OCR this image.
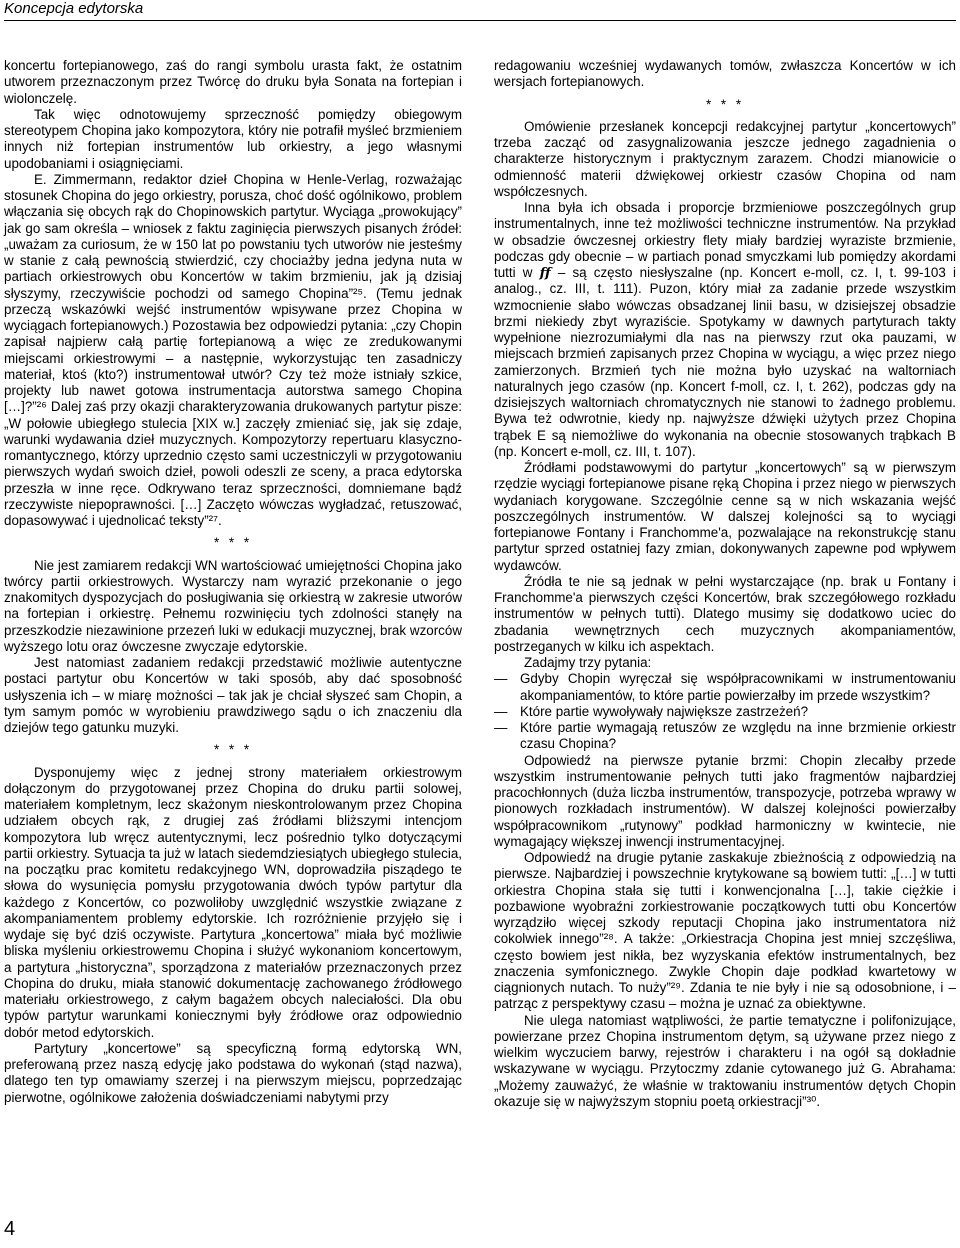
Koncepcja edytorska

koncertu fortepianowego, zaś do rangi symbolu urasta fakt, że ostatnim utworem przeznaczonym przez Twórcę do druku była Sonata na fortepian i wiolonczelę.

Tak więc odnotowujemy sprzeczność pomiędzy obiegowym stereotypem Chopina jako kompozytora, który nie potrafił myśleć brzmieniem innych niż fortepian instrumentów lub orkiestry, a jego własnymi upodobaniami i osiągnięciami.

E. Zimmermann, redaktor dzieł Chopina w Henle-Verlag, rozważając stosunek Chopina do jego orkiestry, porusza, choć dość ogólnikowo, problem włączania się obcych rąk do Chopinowskich partytur. Wyciąga „prowokujący” jak go sam określa – wniosek z faktu zaginięcia pierwszych pisanych źródeł: „uważam za curiosum, że w 150 lat po powstaniu tych utworów nie jesteśmy w stanie z całą pewnością stwierdzić, czy chociażby jedna jedyna nuta w partiach orkiestrowych obu Koncertów w takim brzmieniu, jak ją dzisiaj słyszymy, rzeczywiście pochodzi od samego Chopina”²⁵. (Temu jednak przeczą wskazówki wejść instrumentów wpisywane przez Chopina w wyciągach fortepianowych.) Pozostawia bez odpowiedzi pytania: „czy Chopin zapisał najpierw całą partię fortepianową a więc ze zredukowanymi miejscami orkiestrowymi – a następnie, wykorzystując ten zasadniczy materiał, ktoś (kto?) instrumentował utwór? Czy też może istniały szkice, projekty lub nawet gotowa instrumentacja autorstwa samego Chopina […]?”²⁶ Dalej zaś przy okazji charakteryzowania drukowanych partytur pisze: „W połowie ubiegłego stulecia [XIX w.] zaczęły zmieniać się, jak się zdaje, warunki wydawania dzieł muzycznych. Kompozytorzy repertuaru klasyczno-romantycznego, którzy uprzednio często sami uczestniczyli w przygotowaniu pierwszych wydań swoich dzieł, powoli odeszli ze sceny, a praca edytorska przeszła w inne ręce. Odkrywano teraz sprzeczności, domniemane bądź rzeczywiste niepoprawności. […] Zaczęto wówczas wygładzać, retuszować, dopasowywać i ujednolicać teksty”²⁷.

* * *

Nie jest zamiarem redakcji WN wartościować umiejętności Chopina jako twórcy partii orkiestrowych. Wystarczy nam wyrazić przekonanie o jego znakomitych dyspozycjach do posługiwania się orkiestrą w zakresie utworów na fortepian i orkiestrę. Pełnemu rozwinięciu tych zdolności stanęły na przeszkodzie niezawinione przezeń luki w edukacji muzycznej, brak wzorców wyższego lotu oraz ówczesne zwyczaje edytorskie.

Jest natomiast zadaniem redakcji przedstawić możliwie autentyczne postaci partytur obu Koncertów w taki sposób, aby dać sposobność usłyszenia ich – w miarę możności – tak jak je chciał słyszeć sam Chopin, a tym samym pomóc w wyrobieniu prawdziwego sądu o ich znaczeniu dla dziejów tego gatunku muzyki.

* * *

Dysponujemy więc z jednej strony materiałem orkiestrowym dołączonym do przygotowanej przez Chopina do druku partii solowej, materiałem kompletnym, lecz skażonym nieskontrolowanym przez Chopina udziałem obcych rąk, z drugiej zaś źródłami bliższymi intencjom kompozytora lub wręcz autentycznymi, lecz pośrednio tylko dotyczącymi partii orkiestry. Sytuacja ta już w latach siedemdziesiątych ubiegłego stulecia, na początku prac komitetu redakcyjnego WN, doprowadziła pisządego te słowa do wysunięcia pomysłu przygotowania dwóch typów partytur dla każdego z Koncertów, co pozwoliłoby uwzględnić wszystkie związane z akompaniamentem problemy edytorskie. Ich rozróżnienie przyjęło się i wydaje się być dziś oczywiste. Partytura „koncertowa” miała być możliwie bliska myśleniu orkiestrowemu Chopina i służyć wykonaniom koncertowym, a partytura „historyczna”, sporządzona z materiałów przeznaczonych przez Chopina do druku, miała stanowić dokumentację zachowanego źródłowego materiału orkiestrowego, z całym bagażem obcych naleciałości. Dla obu typów partytur warunkami koniecznymi były źródłowe oraz odpowiednio dobór metod edytorskich.

Partytury „koncertowe” są specyficzną formą edytorską WN, preferowaną przez naszą edycję jako podstawa do wykonań (stąd nazwa), dlatego ten typ omawiamy szerzej i na pierwszym miejscu, poprzedzając pierwotne, ogólnikowe założenia doświadczeniami nabytymi przy

redagowaniu wcześniej wydawanych tomów, zwłaszcza Koncertów w ich wersjach fortepianowych.

* * *

Omówienie przesłanek koncepcji redakcyjnej partytur „koncertowych” trzeba zacząć od zasygnalizowania jeszcze jednego zagadnienia o charakterze historycznym i praktycznym zarazem. Chodzi mianowicie o odmienność materii dźwiękowej orkiestr czasów Chopina od nam współczesnych.

Inna była ich obsada i proporcje brzmieniowe poszczególnych grup instrumentalnych, inne też możliwości techniczne instrumentów. Na przykład w obsadzie ówczesnej orkiestry flety miały bardziej wyraziste brzmienie, podczas gdy obecnie – w partiach ponad smyczkami lub pomiędzy akordami tutti w ff – są często niesłyszalne (np. Koncert e-moll, cz. I, t. 99-103 i analog., cz. III, t. 111). Puzon, który miał za zadanie przede wszystkim wzmocnienie słabo wówczas obsadzanej linii basu, w dzisiejszej obsadzie brzmi niekiedy zbyt wyraziście. Spotykamy w dawnych partyturach takty wypełnione niezrozumiałymi dla nas na pierwszy rzut oka pauzami, w miejscach brzmień zapisanych przez Chopina w wyciągu, a więc przez niego zamierzonych. Brzmień tych nie można było uzyskać na waltorniach naturalnych jego czasów (np. Koncert f-moll, cz. I, t. 262), podczas gdy na dzisiejszych waltorniach chromatycznych nie stanowi to żadnego problemu. Bywa też odwrotnie, kiedy np. najwyższe dźwięki użytych przez Chopina trąbek E są niemożliwe do wykonania na obecnie stosowanych trąbkach B (np. Koncert e-moll, cz. III, t. 107).

Źródłami podstawowymi do partytur „koncertowych” są w pierwszym rzędzie wyciągi fortepianowe pisane ręką Chopina i przez niego w pierwszych wydaniach korygowane. Szczególnie cenne są w nich wskazania wejść poszczególnych instrumentów. W dalszej kolejności są to wyciągi fortepianowe Fontany i Franchomme'a, pozwalające na rekonstrukcję stanu partytur sprzed ostatniej fazy zmian, dokonywanych zapewne pod wpływem wydawców.

Źródła te nie są jednak w pełni wystarczające (np. brak u Fontany i Franchomme'a pierwszych części Koncertów, brak szczegółowego rozkładu instrumentów w pełnych tutti). Dlatego musimy się dodatkowo uciec do zbadania wewnętrznych cech muzycznych akompaniamentów, postrzeganych w kilku ich aspektach.

Zadajmy trzy pytania:

— Gdyby Chopin wyręczał się współpracownikami w instrumentowaniu akompaniamentów, to które partie powierzałby im przede wszystkim?
— Które partie wywoływały największe zastrzeżeń?
— Które partie wymagają retuszów ze względu na inne brzmienie orkiestr czasu Chopina?

Odpowiedź na pierwsze pytanie brzmi: Chopin zlecałby przede wszystkim instrumentowanie pełnych tutti jako fragmentów najbardziej pracochłonnych (duża liczba instrumentów, transpozycje, potrzeba wprawy w pionowych rozkładach instrumentów). W dalszej kolejności powierzałby współpracownikom „rutynowy” podkład harmoniczny w kwintecie, nie wymagający większej inwencji instrumentacyjnej.

Odpowiedź na drugie pytanie zaskakuje zbieżnością z odpowiedzią na pierwsze. Najbardziej i powszechnie krytykowane są bowiem tutti: „[…] w tutti orkiestra Chopina stała się tutti i konwencjonalna […], takie ciężkie i pozbawione wyobraźni zorkiestrowanie początkowych tutti obu Koncertów wyrządziło więcej szkody reputacji Chopina jako instrumentatora niż cokolwiek innego”²⁸. A także: „Orkiestracja Chopina jest mniej szczęśliwa, często bowiem jest nikła, bez wyzyskania efektów instrumentalnych, bez znaczenia symfonicznego. Zwykle Chopin daje podkład kwartetowy w ciągnionych nutach. To nuży”²⁹. Zdania te nie były i nie są odosobnione, i – patrząc z perspektywy czasu – można je uznać za obiektywne.

Nie ulega natomiast wątpliwości, że partie tematyczne i polifonizujące, powierzane przez Chopina instrumentom dętym, są używane przez niego z wielkim wyczuciem barwy, rejestrów i charakteru i na ogół są dokładnie wskazywane w wyciągu. Przytoczmy zdanie cytowanego już G. Abrahama: „Możemy zauważyć, że właśnie w traktowaniu instrumentów dętych Chopin okazuje się w najwyższym stopniu poetą orkiestracji”³⁰.

4
